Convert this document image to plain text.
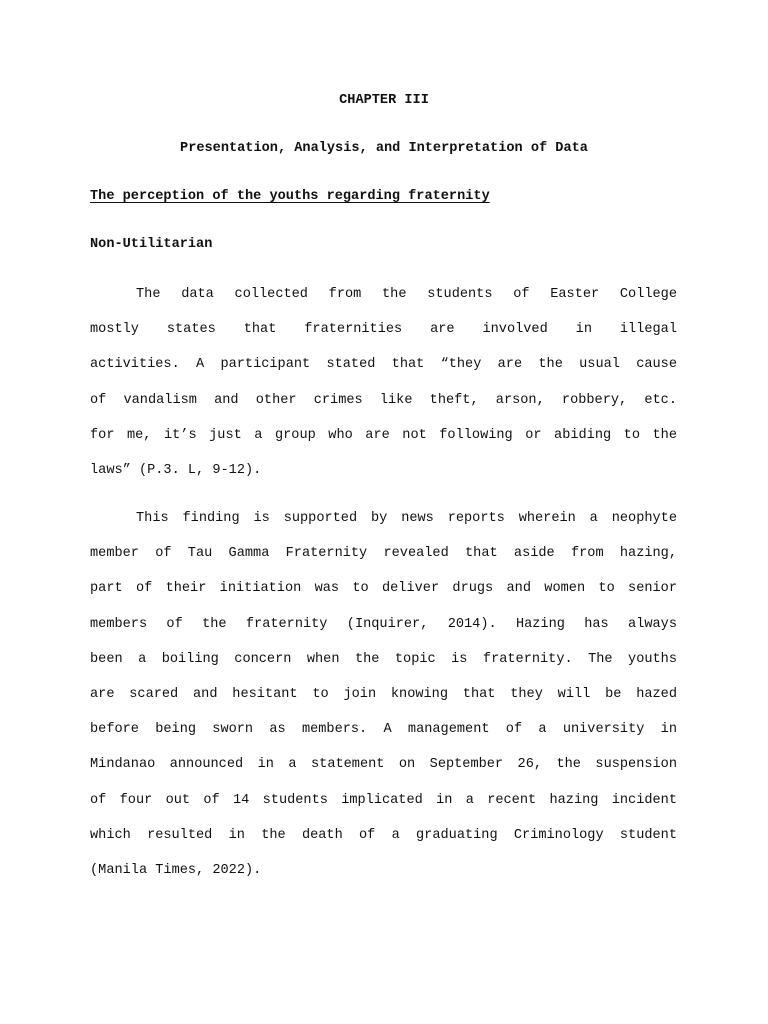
CHAPTER III
Presentation, Analysis, and Interpretation of Data
The perception of the youths regarding fraternity
Non-Utilitarian
The data collected from the students of Easter College
mostly states that fraternities are involved in illegal
activities. A participant stated that “they are the usual cause
of vandalism and other crimes like theft, arson, robbery, etc.
for me, it’s just a group who are not following or abiding to the
laws” (P.3. L, 9-12).
This finding is supported by news reports wherein a neophyte
member of Tau Gamma Fraternity revealed that aside from hazing,
part of their initiation was to deliver drugs and women to senior
members of the fraternity (Inquirer, 2014). Hazing has always
been a boiling concern when the topic is fraternity. The youths
are scared and hesitant to join knowing that they will be hazed
before being sworn as members. A management of a university in
Mindanao announced in a statement on September 26, the suspension
of four out of 14 students implicated in a recent hazing incident
which resulted in the death of a graduating Criminology student
(Manila Times, 2022).
